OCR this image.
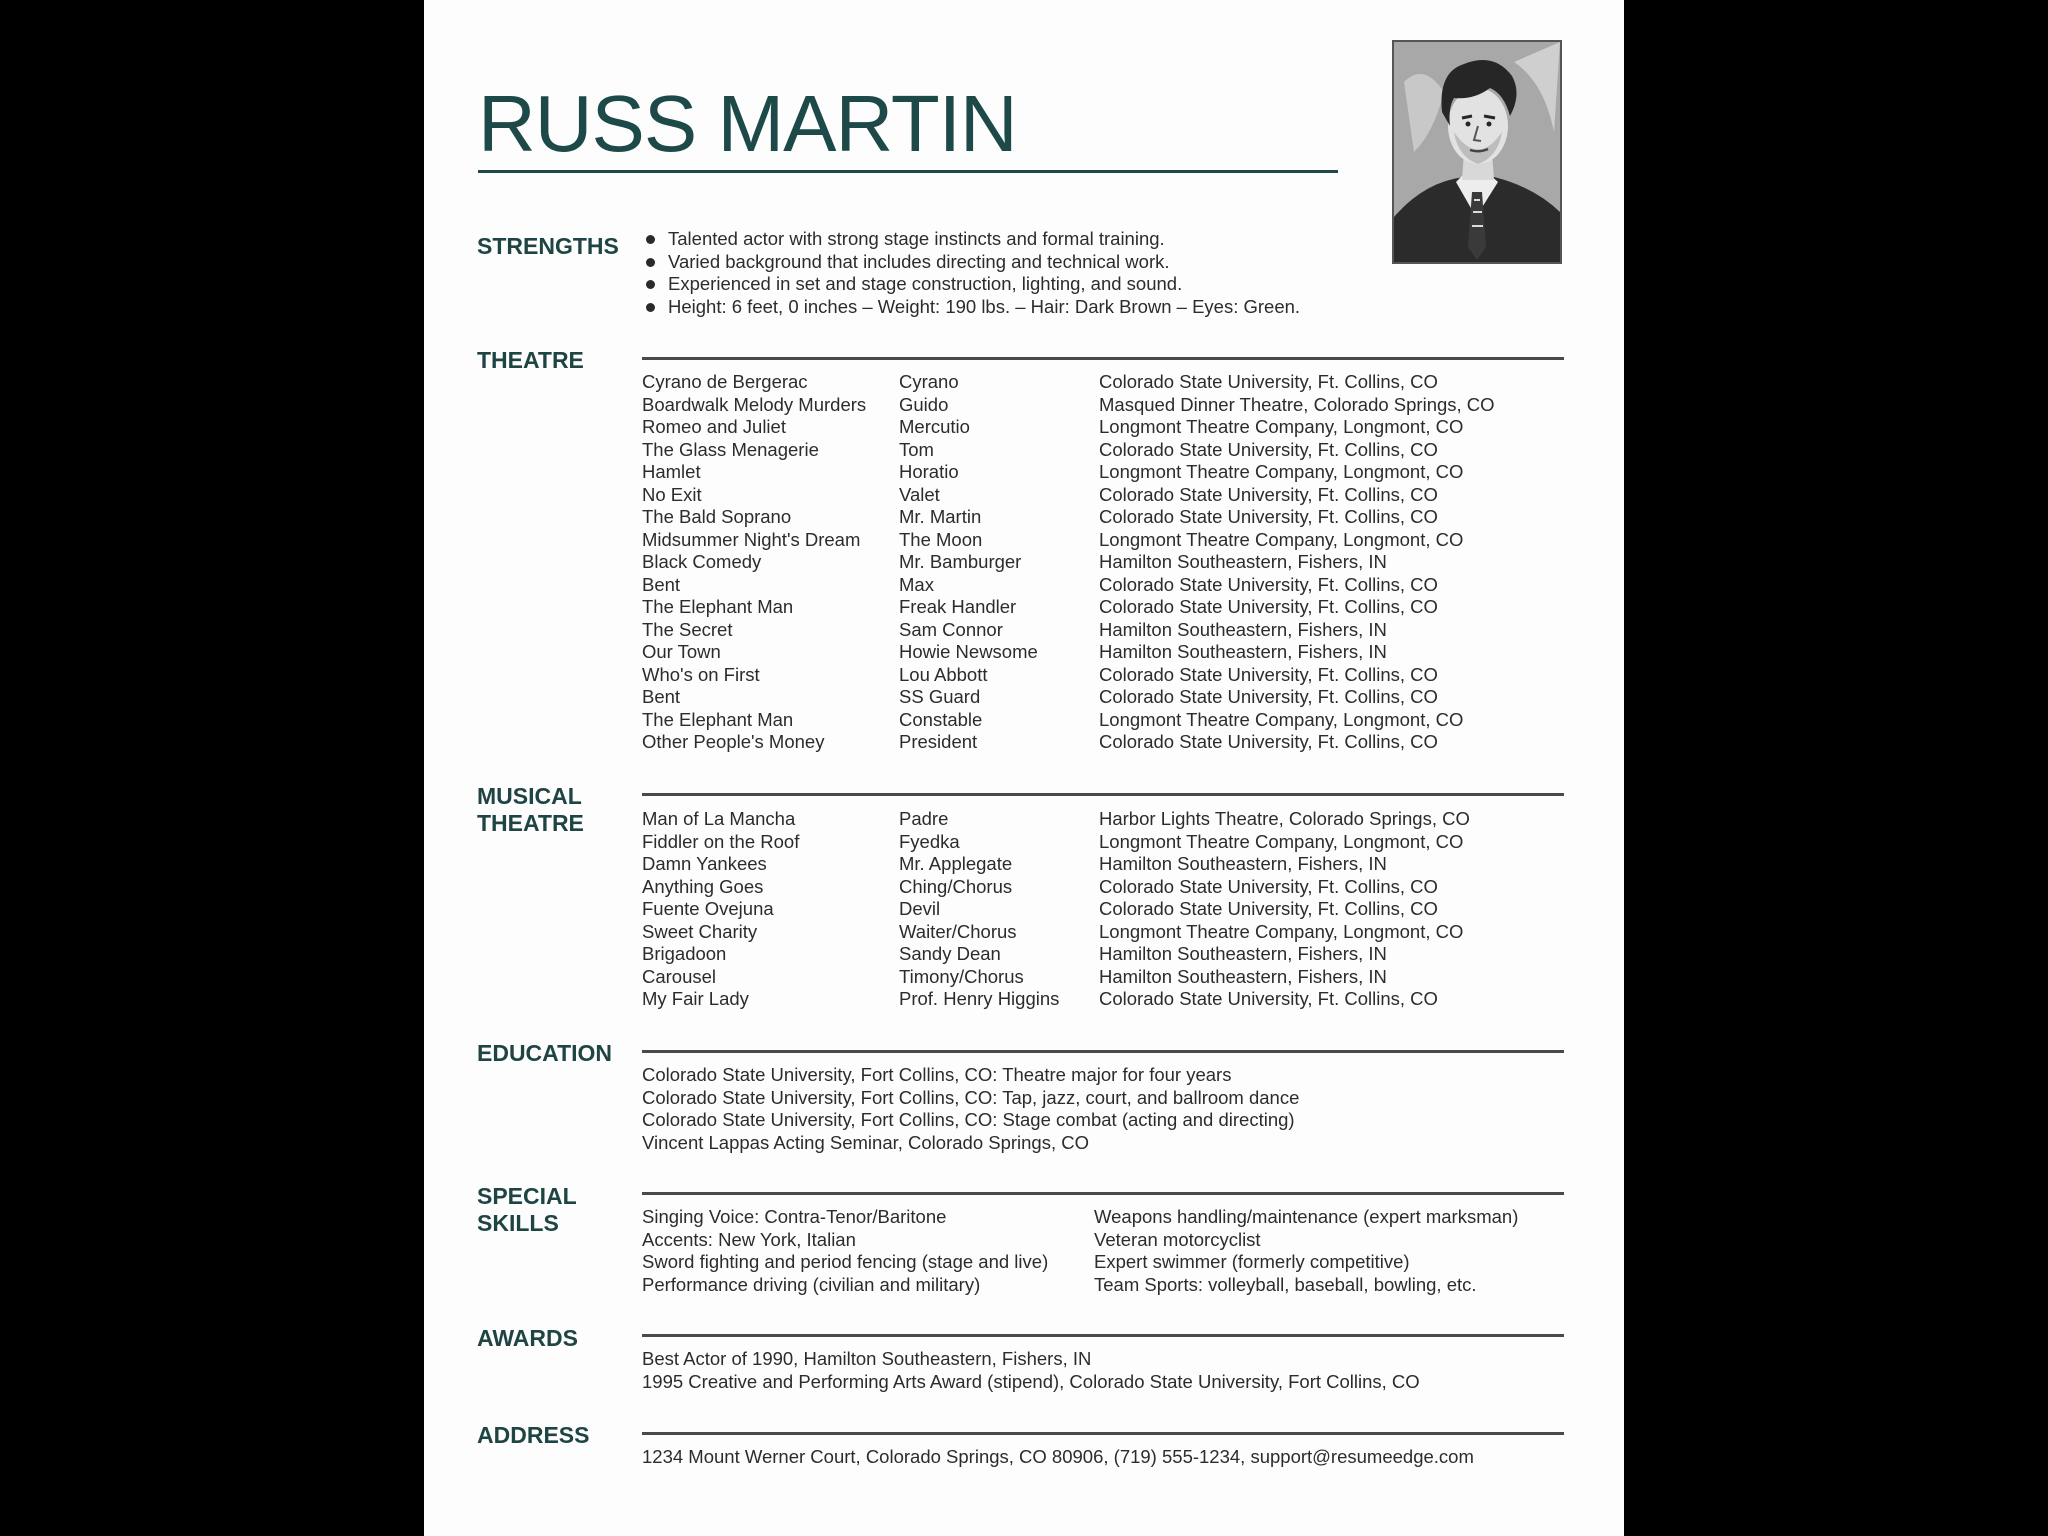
RUSS MARTIN
STRENGTHS	Talented actor with strong stage instincts and formal training.
Varied background that includes directing and technical work.
Experienced in set and stage construction, lighting, and sound.
Height: 6 feet, 0 inches – Weight: 190 lbs. – Hair: Dark Brown – Eyes: Green.
THEATRE
Cyrano de Bergerac	Cyrano	Colorado State University, Ft. Collins, CO
Boardwalk Melody Murders	Guido	Masqued Dinner Theatre, Colorado Springs, CO
Romeo and Juliet	Mercutio	Longmont Theatre Company, Longmont, CO
The Glass Menagerie	Tom	Colorado State University, Ft. Collins, CO
Hamlet	Horatio	Longmont Theatre Company, Longmont, CO
No Exit	Valet	Colorado State University, Ft. Collins, CO
The Bald Soprano	Mr. Martin	Colorado State University, Ft. Collins, CO
Midsummer Night's Dream	The Moon	Longmont Theatre Company, Longmont, CO
Black Comedy	Mr. Bamburger	Hamilton Southeastern, Fishers, IN
Bent	Max	Colorado State University, Ft. Collins, CO
The Elephant Man	Freak Handler	Colorado State University, Ft. Collins, CO
The Secret	Sam Connor	Hamilton Southeastern, Fishers, IN
Our Town	Howie Newsome	Hamilton Southeastern, Fishers, IN
Who's on First	Lou Abbott	Colorado State University, Ft. Collins, CO
Bent	SS Guard	Colorado State University, Ft. Collins, CO
The Elephant Man	Constable	Longmont Theatre Company, Longmont, CO
Other People's Money	President	Colorado State University, Ft. Collins, CO
MUSICAL
THEATRE	Man of La Mancha	Padre	Harbor Lights Theatre, Colorado Springs, CO
Fiddler on the Roof	Fyedka	Longmont Theatre Company, Longmont, CO
Damn Yankees	Mr. Applegate	Hamilton Southeastern, Fishers, IN
Anything Goes	Ching/Chorus	Colorado State University, Ft. Collins, CO
Fuente Ovejuna	Devil	Colorado State University, Ft. Collins, CO
Sweet Charity	Waiter/Chorus	Longmont Theatre Company, Longmont, CO
Brigadoon	Sandy Dean	Hamilton Southeastern, Fishers, IN
Carousel	Timony/Chorus	Hamilton Southeastern, Fishers, IN
My Fair Lady	Prof. Henry Higgins	Colorado State University, Ft. Collins, CO
EDUCATION
Colorado State University, Fort Collins, CO: Theatre major for four years
Colorado State University, Fort Collins, CO: Tap, jazz, court, and ballroom dance
Colorado State University, Fort Collins, CO: Stage combat (acting and directing)
Vincent Lappas Acting Seminar, Colorado Springs, CO
SPECIAL
SKILLS	Singing Voice: Contra-Tenor/Baritone	Weapons handling/maintenance (expert marksman)
Accents: New York, Italian	Veteran motorcyclist
Sword fighting and period fencing (stage and live)	Expert swimmer (formerly competitive)
Performance driving (civilian and military)	Team Sports: volleyball, baseball, bowling, etc.
AWARDS
Best Actor of 1990, Hamilton Southeastern, Fishers, IN
1995 Creative and Performing Arts Award (stipend), Colorado State University, Fort Collins, CO
ADDRESS
1234 Mount Werner Court, Colorado Springs, CO 80906, (719) 555-1234, support@resumeedge.com
